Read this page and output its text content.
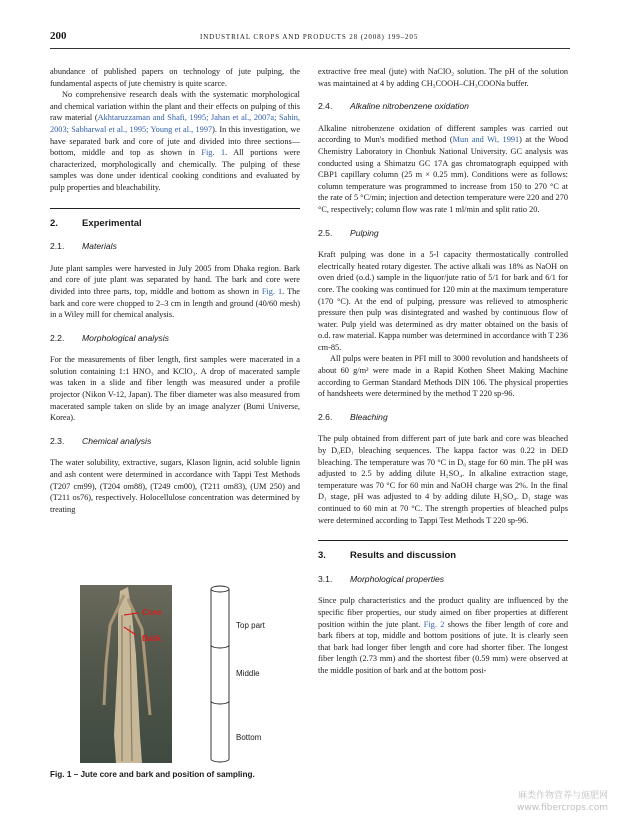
200	INDUSTRIAL CROPS AND PRODUCTS 28 (2008) 199–205

abundance of published papers on technology of jute pulping, the fundamental aspects of jute chemistry is quite scarce.

No comprehensive research deals with the systematic morphological and chemical variation within the plant and their effects on pulping of this raw material (Akhtaruzzaman and Shafi, 1995; Jahan et al., 2007a; Sahin, 2003; Sabharwal et al., 1995; Young et al., 1997). In this investigation, we have separated bark and core of jute and divided into three sections—bottom, middle and top as shown in Fig. 1. All portions were characterized, morphologically and chemically. The pulping of these samples was done under identical cooking conditions and evaluated by pulp properties and bleachability.

2.	Experimental
2.1. Materials

Jute plant samples were harvested in July 2005 from Dhaka region. Bark and core of jute plant was separated by hand. The bark and core were divided into three parts, top, middle and bottom as shown in Fig. 1. The bark and core were chopped to 2–3 cm in length and ground (40/60 mesh) in a Wiley mill for chemical analysis.

2.2. Morphological analysis

For the measurements of fiber length, first samples were macerated in a solution containing 1:1 HNO₃ and KClO₃. A drop of macerated sample was taken in a slide and fiber length was measured under a profile projector (Nikon V-12, Japan). The fiber diameter was also measured from macerated sample taken on slide by an image analyzer (Bumi Universe, Korea).

2.3. Chemical analysis

The water solubility, extractive, sugars, Klason lignin, acid soluble lignin and ash content were determined in accordance with Tappi Test Methods (T207 cm99), (T204 om88), (T249 cm00), (T211 om83), (UM 250) and (T211 os76), respectively. Holocellulose concentration was determined by treating

Core
Bark
Top part
Middle
Bottom
Fig. 1 – Jute core and bark and position of sampling.

extractive free meal (jute) with NaClO₂ solution. The pH of the solution was maintained at 4 by adding CH₃COOH–CH₃COONa buffer.

2.4. Alkaline nitrobenzene oxidation

Alkaline nitrobenzene oxidation of different samples was carried out according to Mun's modified method (Mun and Wi, 1991) at the Wood Chemistry Laboratory in Chonbuk National University. GC analysis was conducted using a Shimatzu GC 17A gas chromatograph equipped with CBP1 capillary column (25 m × 0.25 mm). Conditions were as follows: column temperature was programmed to increase from 150 to 270 °C at the rate of 5 °C/min; injection and detection temperature were 220 and 270 °C, respectively; column flow was rate 1 ml/min and split ratio 20.

2.5. Pulping

Kraft pulping was done in a 5-l capacity thermostatically controlled electrically heated rotary digester. The active alkali was 18% as NaOH on oven dried (o.d.) sample in the liquor/jute ratio of 5/1 for bark and 6/1 for core. The cooking was continued for 120 min at the maximum temperature (170 °C). At the end of pulping, pressure was relieved to atmospheric pressure then pulp was disintegrated and washed by continuous flow of water. Pulp yield was determined as dry matter obtained on the basis of o.d. raw material. Kappa number was determined in accordance with T 236 cm-85.

All pulps were beaten in PFI mill to 3000 revolution and handsheets of about 60 g/m² were made in a Rapid Kothen Sheet Making Machine according to German Standard Methods DIN 106. The physical properties of handsheets were determined by the method T 220 sp-96.

2.6. Bleaching

The pulp obtained from different part of jute bark and core was bleached by D₀ED₁ bleaching sequences. The kappa factor was 0.22 in DED bleaching. The temperature was 70 °C in D₀ stage for 60 min. The pH was adjusted to 2.5 by adding dilute H₂SO₄. In alkaline extraction stage, temperature was 70 °C for 60 min and NaOH charge was 2%. In the final D₁ stage, pH was adjusted to 4 by adding dilute H₂SO₄. D₁ stage was continued to 60 min at 70 °C. The strength properties of bleached pulps were determined according to Tappi Test Methods T 220 sp-96.

3.	Results and discussion
3.1. Morphological properties

Since pulp characteristics and the product quality are influenced by the specific fiber properties, our study aimed on fiber properties at different position within the jute plant. Fig. 2 shows the fiber length of core and bark fibers at top, middle and bottom positions of jute. It is clearly seen that bark had longer fiber length and core had shorter fiber. The longest fiber length (2.73 mm) and the shortest fiber (0.59 mm) were observed at the middle position of bark and at the bottom posi-

麻类作物营养与施肥网
www.fibercrops.com
